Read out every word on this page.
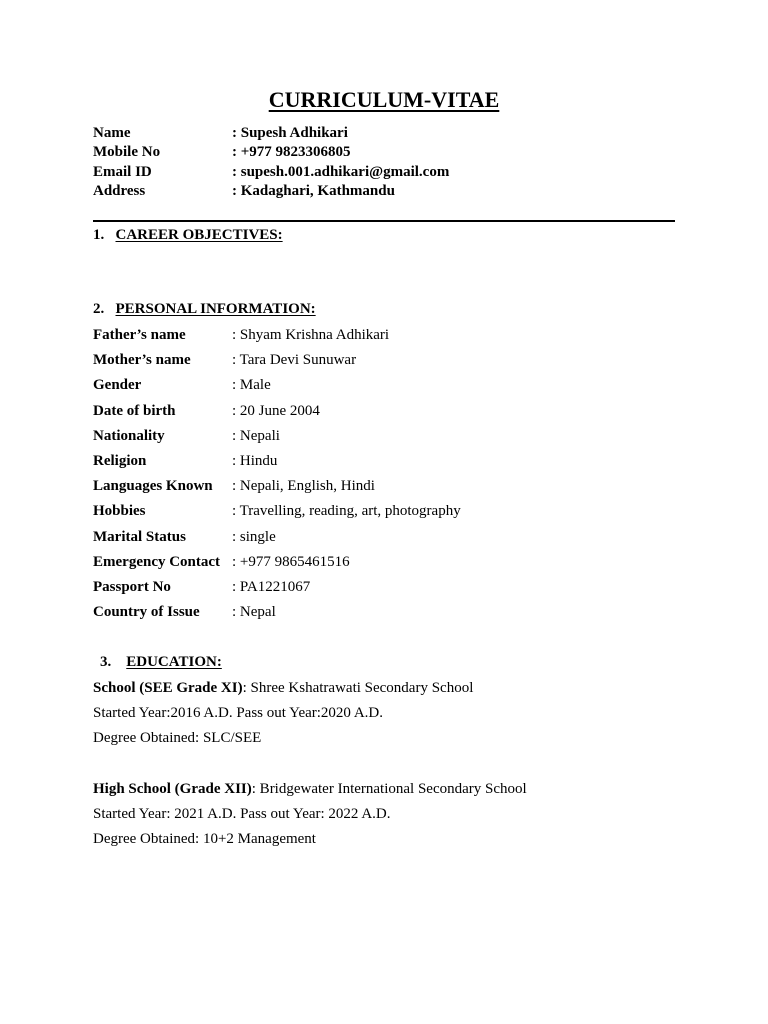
CURRICULUM-VITAE
Name	: Supesh Adhikari
Mobile No	: +977 9823306805
Email ID	: supesh.001.adhikari@gmail.com
Address	: Kadaghari, Kathmandu
1. CAREER OBJECTIVES:
2. PERSONAL INFORMATION:
Father’s name	: Shyam Krishna Adhikari
Mother’s name	: Tara Devi Sunuwar
Gender	: Male
Date of birth	: 20 June 2004
Nationality	: Nepali
Religion	: Hindu
Languages Known	: Nepali, English, Hindi
Hobbies	: Travelling, reading, art, photography
Marital Status	: single
Emergency Contact : +977 9865461516
Passport No	: PA1221067
Country of Issue	: Nepal
3. EDUCATION:
School (SEE Grade XI): Shree Kshatrawati Secondary School
Started Year:2016 A.D. Pass out Year:2020 A.D.
Degree Obtained: SLC/SEE
High School (Grade XII): Bridgewater International Secondary School
Started Year: 2021 A.D. Pass out Year: 2022 A.D.
Degree Obtained: 10+2 Management
